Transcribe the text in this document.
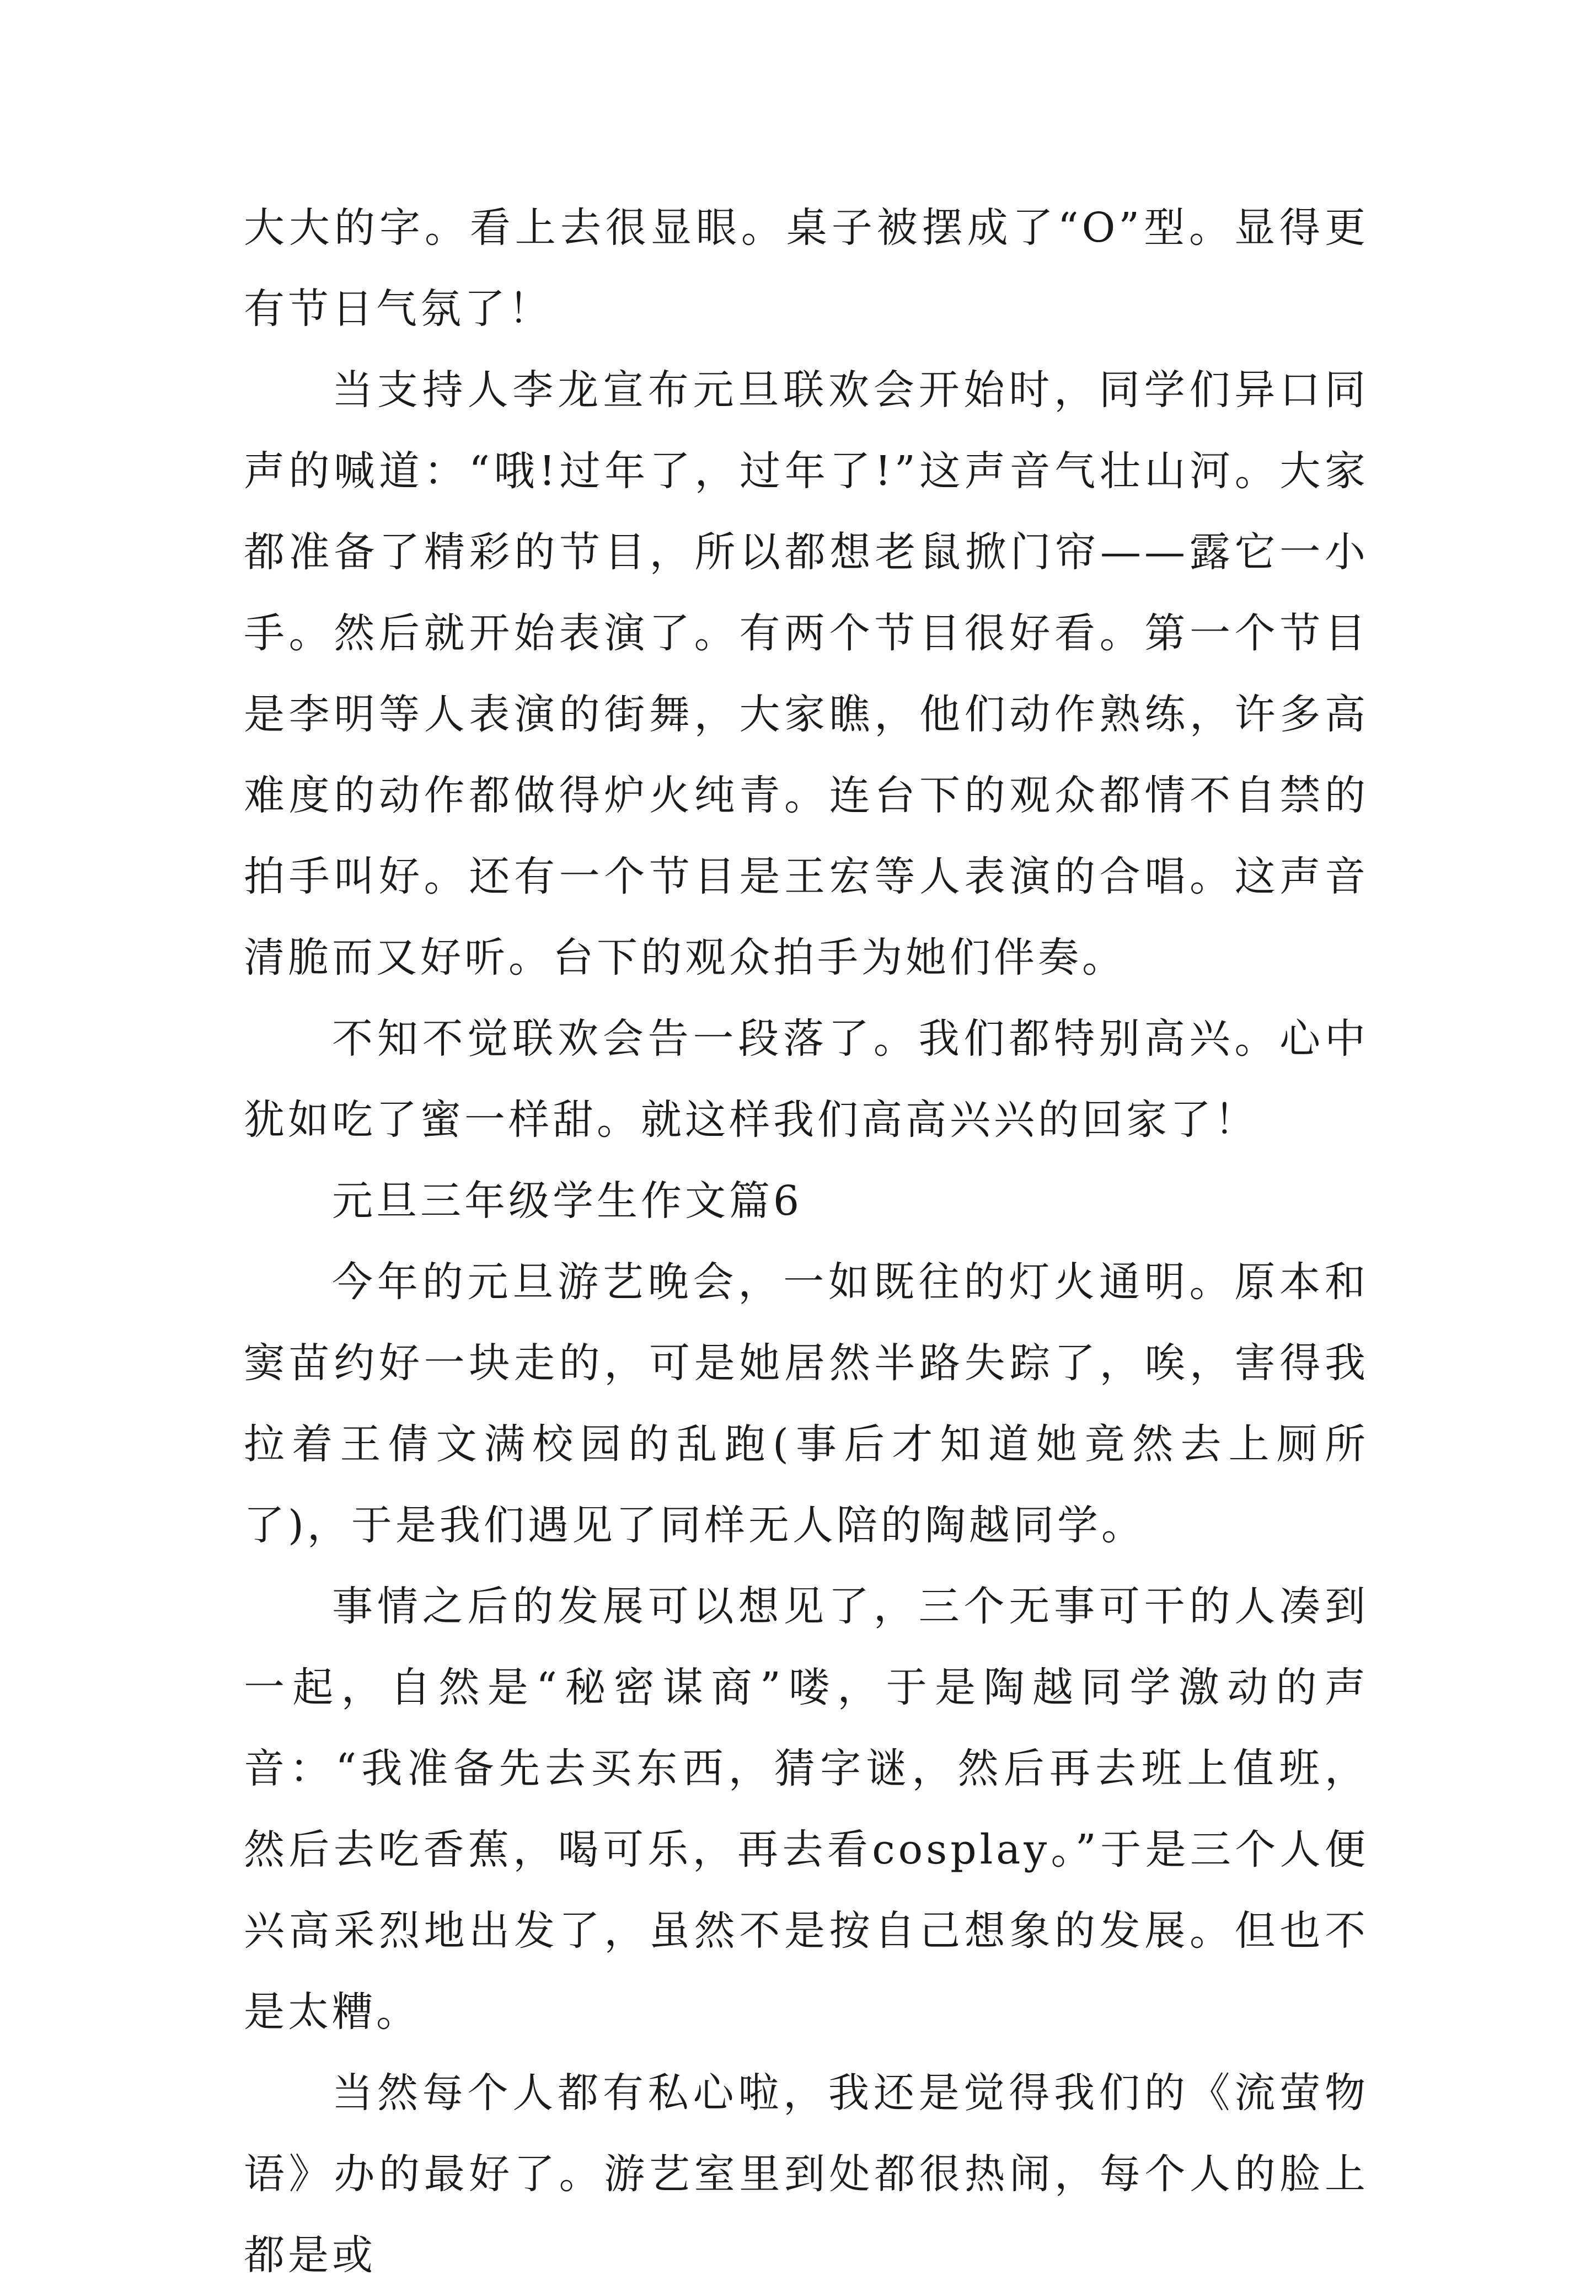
大大的字。看上去很显眼。桌子被摆成了“O”型。显得更有节日气氛了！

当支持人李龙宣布元旦联欢会开始时，同学们异口同声的喊道：“哦!过年了，过年了!”这声音气壮山河。大家都准备了精彩的节目，所以都想老鼠掀门帘——露它一小手。然后就开始表演了。有两个节目很好看。第一个节目是李明等人表演的街舞，大家瞧，他们动作熟练，许多高难度的动作都做得炉火纯青。连台下的观众都情不自禁的拍手叫好。还有一个节目是王宏等人表演的合唱。这声音清脆而又好听。台下的观众拍手为她们伴奏。

不知不觉联欢会告一段落了。我们都特别高兴。心中犹如吃了蜜一样甜。就这样我们高高兴兴的回家了！

元旦三年级学生作文篇6

今年的元旦游艺晚会，一如既往的灯火通明。原本和窦苗约好一块走的，可是她居然半路失踪了，唉，害得我拉着王倩文满校园的乱跑(事后才知道她竟然去上厕所了)，于是我们遇见了同样无人陪的陶越同学。

事情之后的发展可以想见了，三个无事可干的人凑到一起，自然是“秘密谋商”喽，于是陶越同学激动的声音：“我准备先去买东西，猜字谜，然后再去班上值班，然后去吃香蕉，喝可乐，再去看cosplay。”于是三个人便兴高采烈地出发了，虽然不是按自己想象的发展。但也不是太糟。

当然每个人都有私心啦，我还是觉得我们的《流萤物语》办的最好了。游艺室里到处都很热闹，每个人的脸上都是或
